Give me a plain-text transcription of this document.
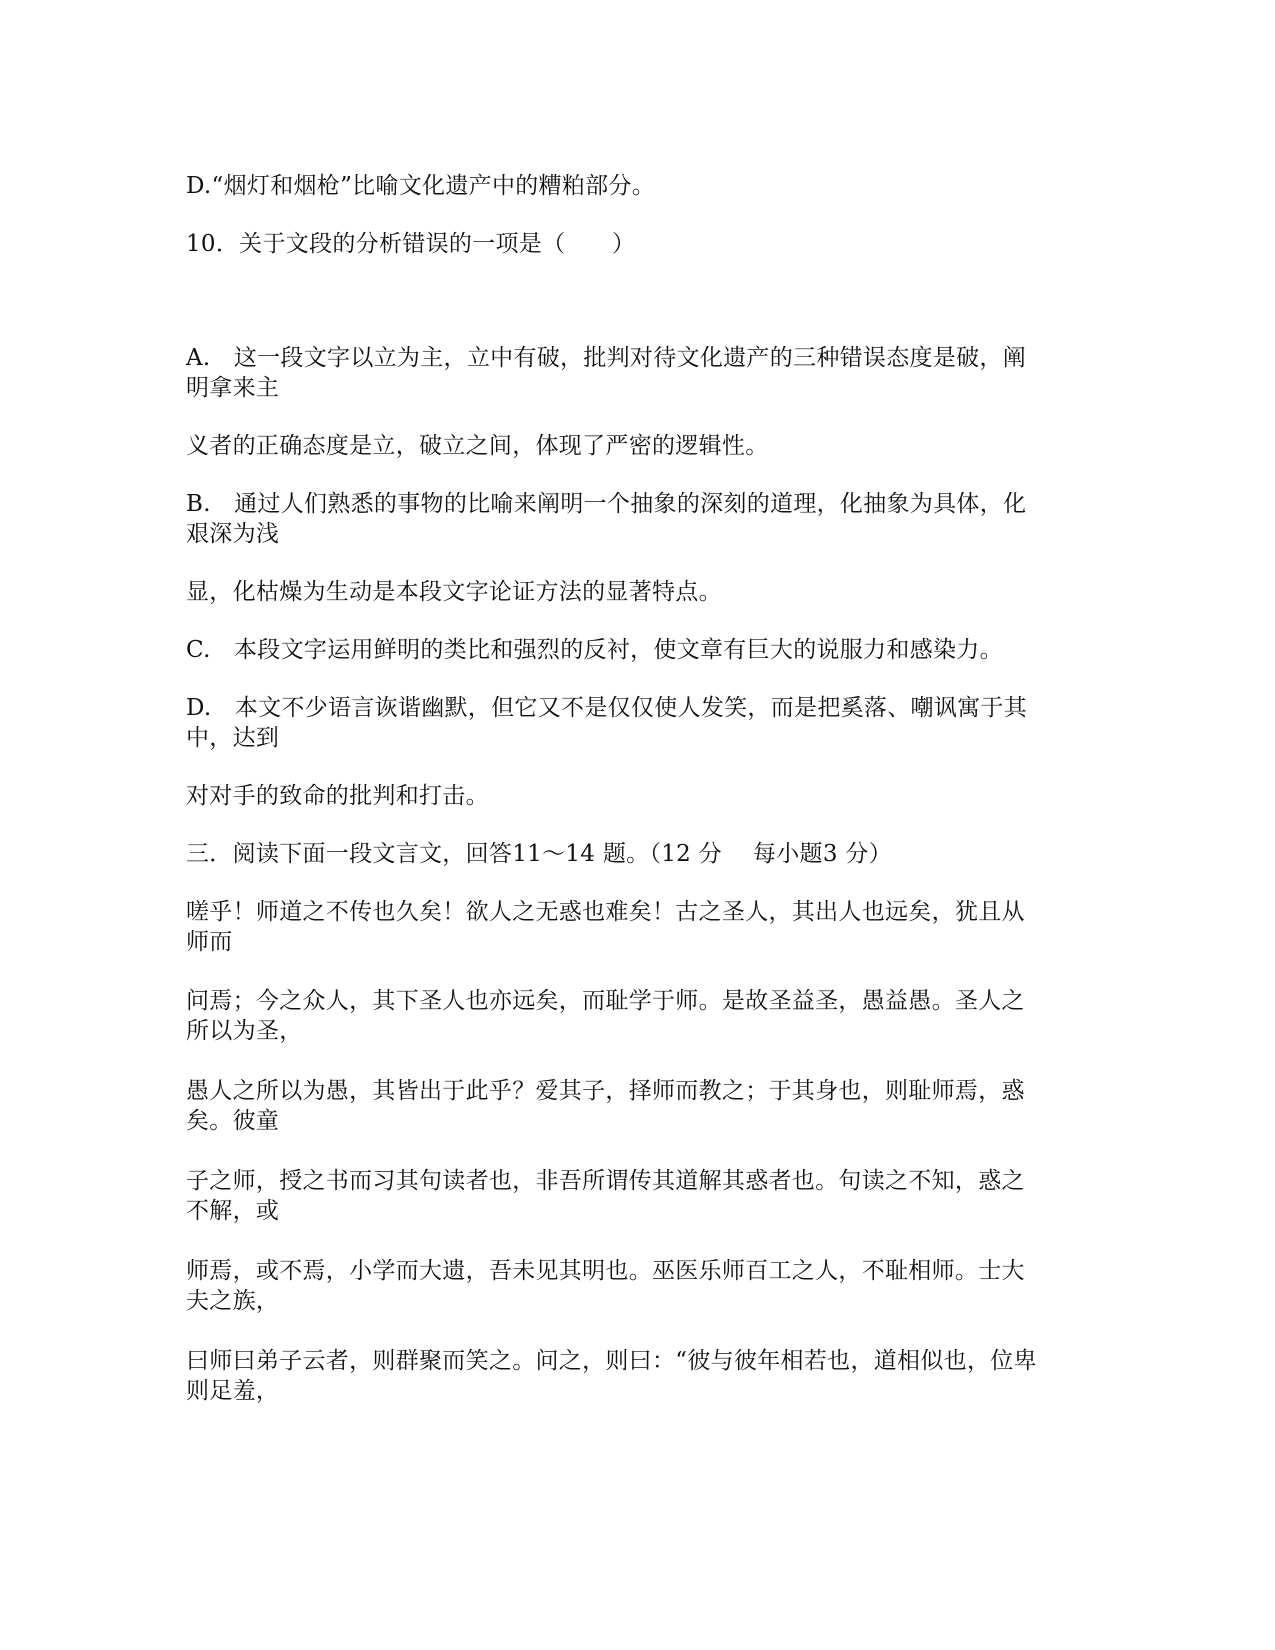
D.“烟灯和烟枪”比喻文化遗产中的糟粕部分。
10．关于文段的分析错误的一项是（　　）
A.　这一段文字以立为主，立中有破，批判对待文化遗产的三种错误态度是破，阐
明拿来主
义者的正确态度是立，破立之间，体现了严密的逻辑性。
B.　通过人们熟悉的事物的比喻来阐明一个抽象的深刻的道理，化抽象为具体，化
艰深为浅
显，化枯燥为生动是本段文字论证方法的显著特点。
C.　本段文字运用鲜明的类比和强烈的反衬，使文章有巨大的说服力和感染力。
D.　本文不少语言诙谐幽默，但它又不是仅仅使人发笑，而是把奚落、嘲讽寓于其
中，达到
对对手的致命的批判和打击。
三．阅读下面一段文言文，回答11～14 题。（12 分　 每小题3 分）
嗟乎！师道之不传也久矣！欲人之无惑也难矣！古之圣人，其出人也远矣，犹且从
师而
问焉；今之众人，其下圣人也亦远矣，而耻学于师。是故圣益圣，愚益愚。圣人之
所以为圣，
愚人之所以为愚，其皆出于此乎？爱其子，择师而教之；于其身也，则耻师焉，惑
矣。彼童
子之师，授之书而习其句读者也，非吾所谓传其道解其惑者也。句读之不知，惑之
不解，或
师焉，或不焉，小学而大遗，吾未见其明也。巫医乐师百工之人，不耻相师。士大
夫之族，
曰师曰弟子云者，则群聚而笑之。问之，则曰：“彼与彼年相若也，道相似也，位卑
则足羞，
